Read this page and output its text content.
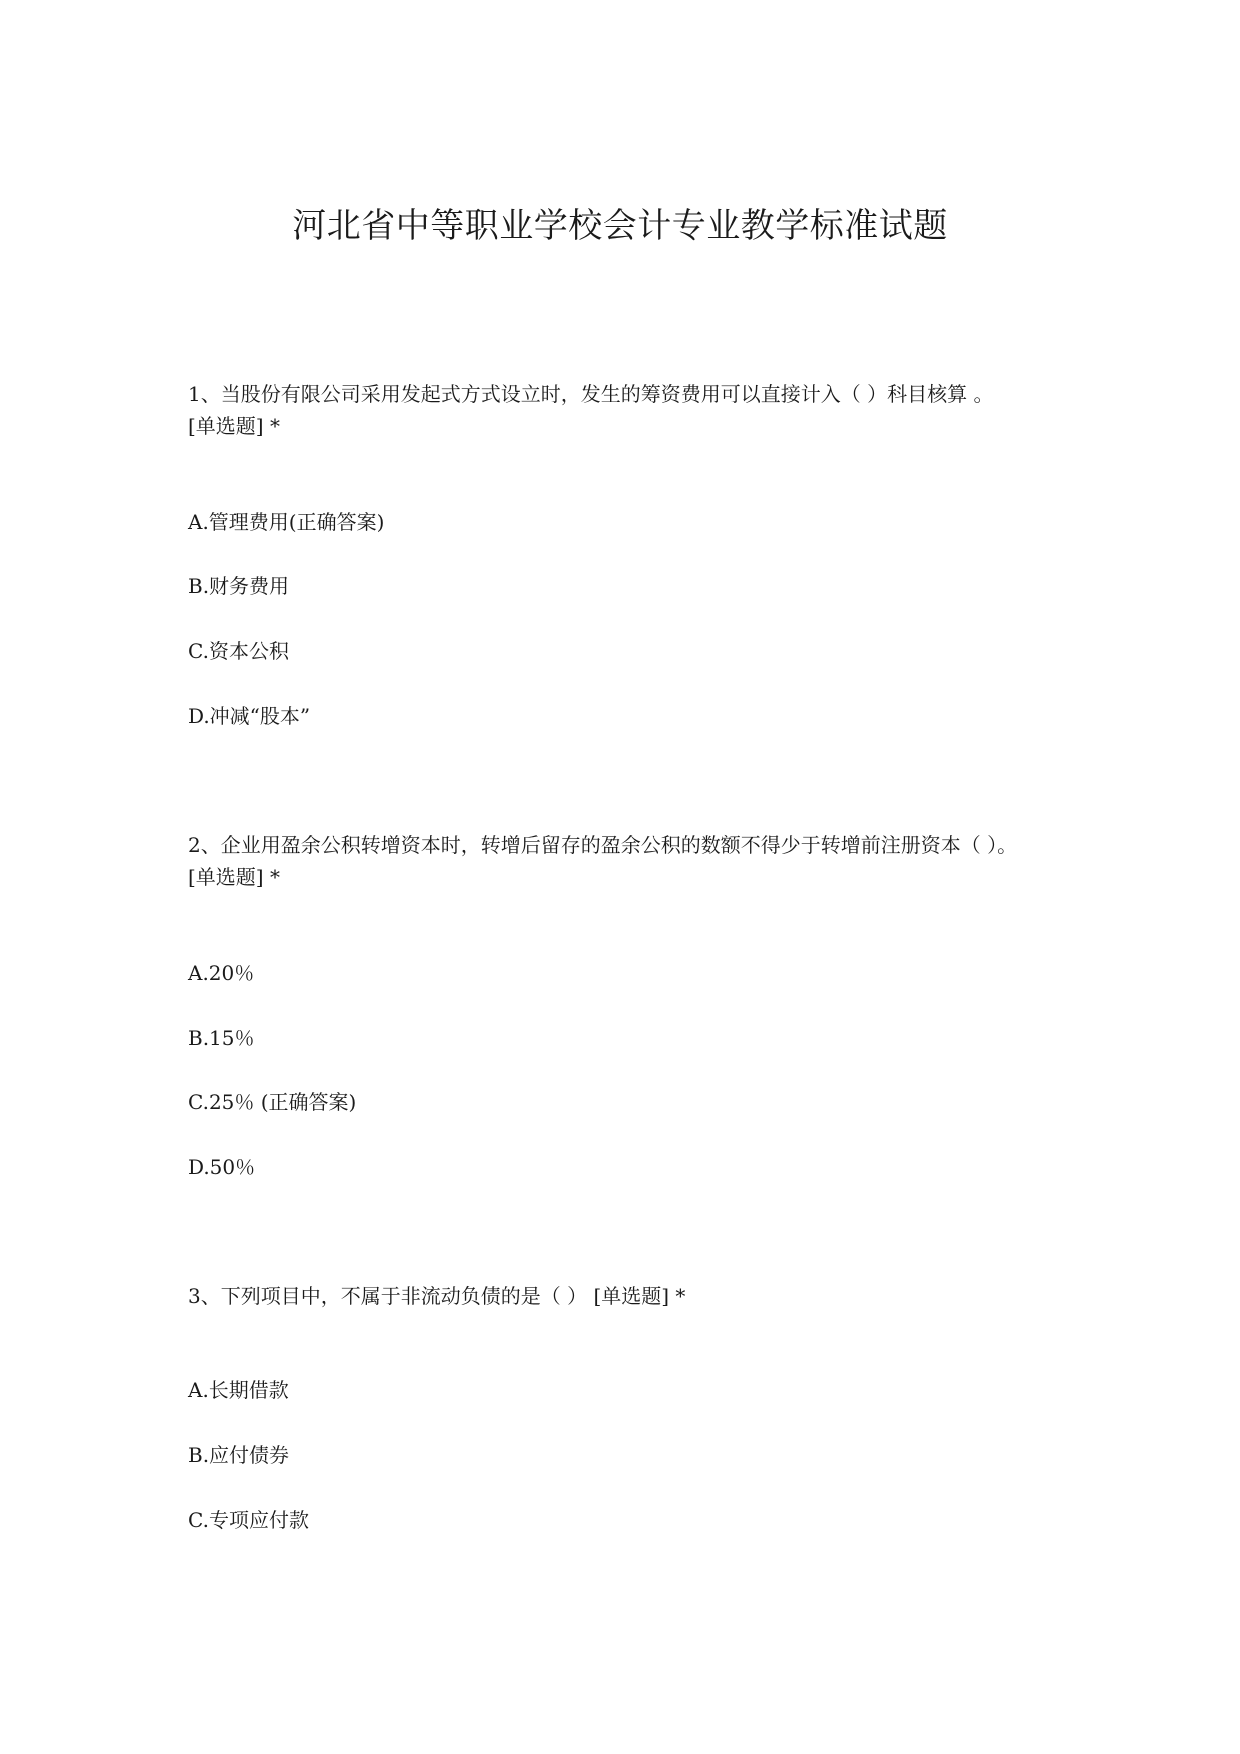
河北省中等职业学校会计专业教学标准试题

1、当股份有限公司采用发起式方式设立时，发生的筹资费用可以直接计入（ ）科目核算 。 [单选题] *

A.管理费用(正确答案)

B.财务费用

C.资本公积

D.冲减“股本”

2、企业用盈余公积转增资本时，转增后留存的盈余公积的数额不得少于转增前注册资本（ ）。 [单选题] *

A.20％

B.15％

C.25％ (正确答案)

D.50％

3、下列项目中，不属于非流动负债的是（ ） [单选题] *

A.长期借款

B.应付债券

C.专项应付款
